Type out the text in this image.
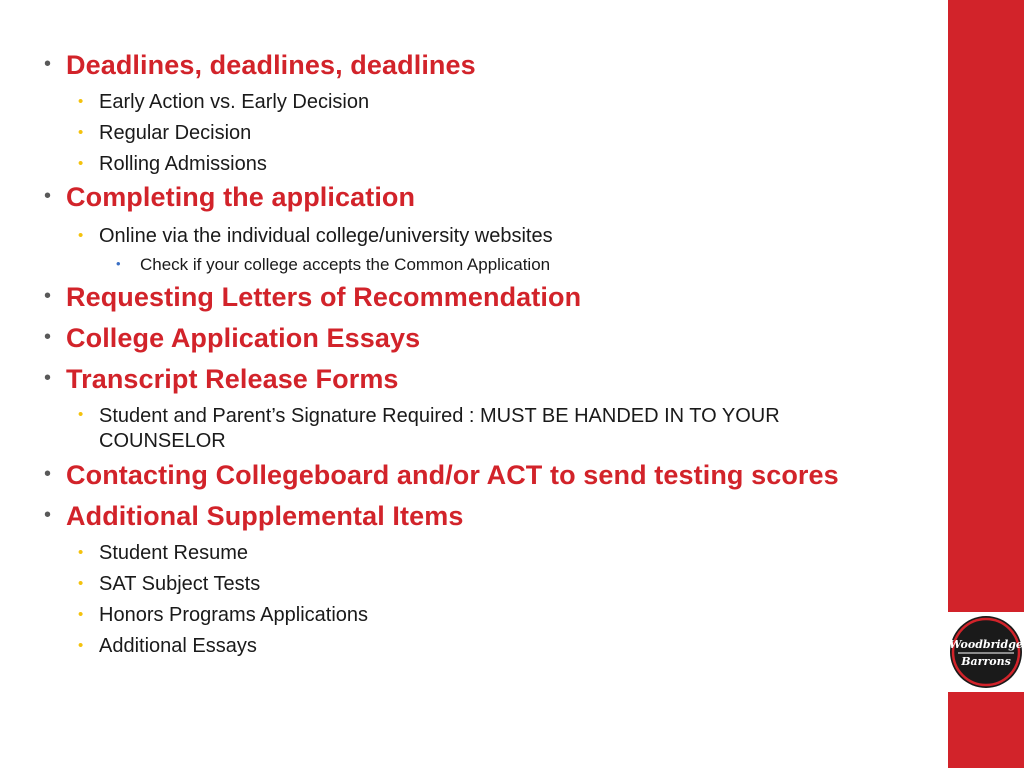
• Deadlines, deadlines, deadlines
• Early Action vs. Early Decision
• Regular Decision
• Rolling Admissions
• Completing the application
• Online via the individual college/university websites
• Check if your college accepts the Common Application
• Requesting Letters of Recommendation
• College Application Essays
• Transcript Release Forms
• Student and Parent’s Signature Required : MUST BE HANDED IN TO YOUR COUNSELOR
• Contacting Collegeboard and/or ACT to send testing scores
• Additional Supplemental Items
• Student Resume
• SAT Subject Tests
• Honors Programs Applications
• Additional Essays	Woodbridge
Barrons
